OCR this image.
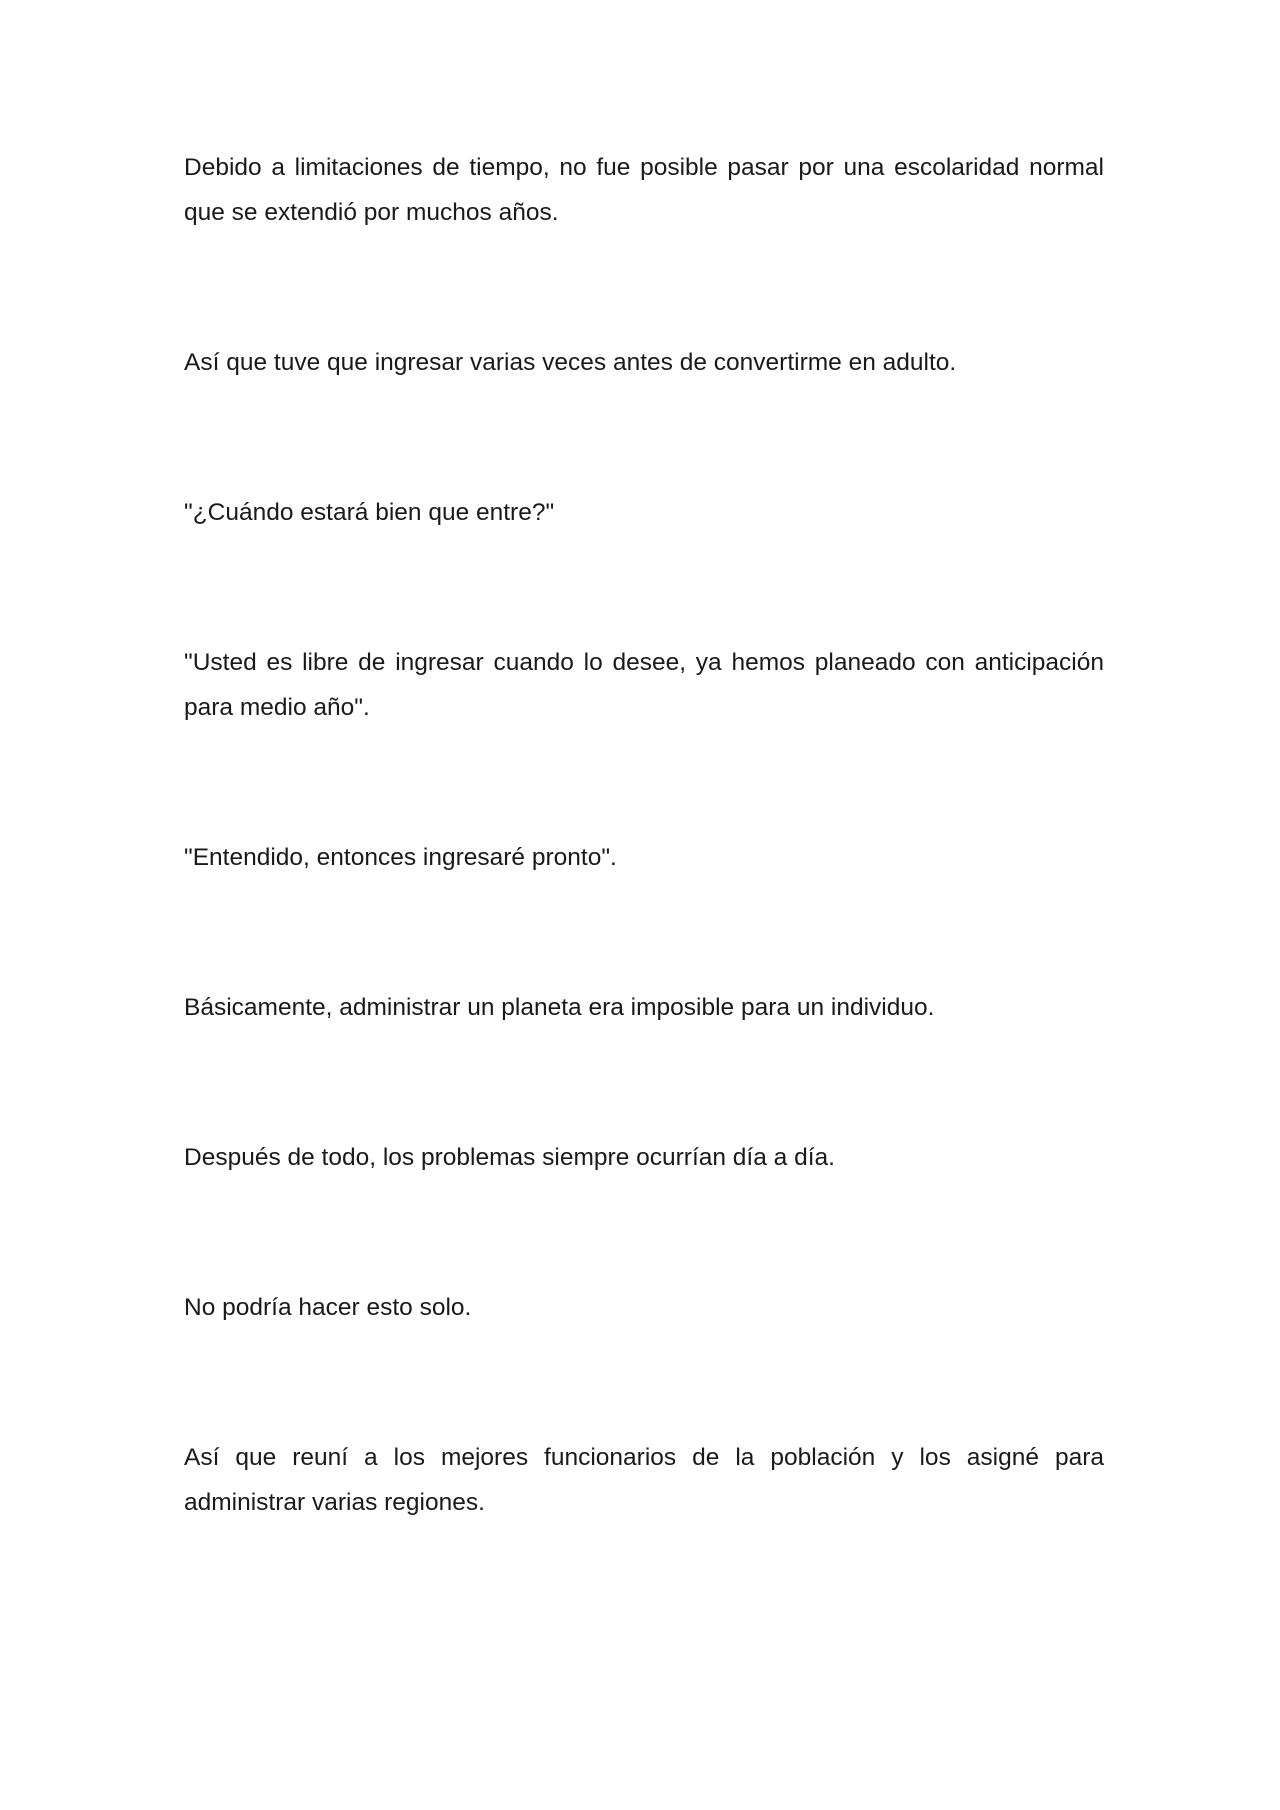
Debido a limitaciones de tiempo, no fue posible pasar por una escolaridad normal que se extendió por muchos años.

Así que tuve que ingresar varias veces antes de convertirme en adulto.

"¿Cuándo estará bien que entre?"

"Usted es libre de ingresar cuando lo desee, ya hemos planeado con anticipación para medio año".

"Entendido, entonces ingresaré pronto".

Básicamente, administrar un planeta era imposible para un individuo.

Después de todo, los problemas siempre ocurrían día a día.

No podría hacer esto solo.

Así que reuní a los mejores funcionarios de la población y los asigné para administrar varias regiones.
